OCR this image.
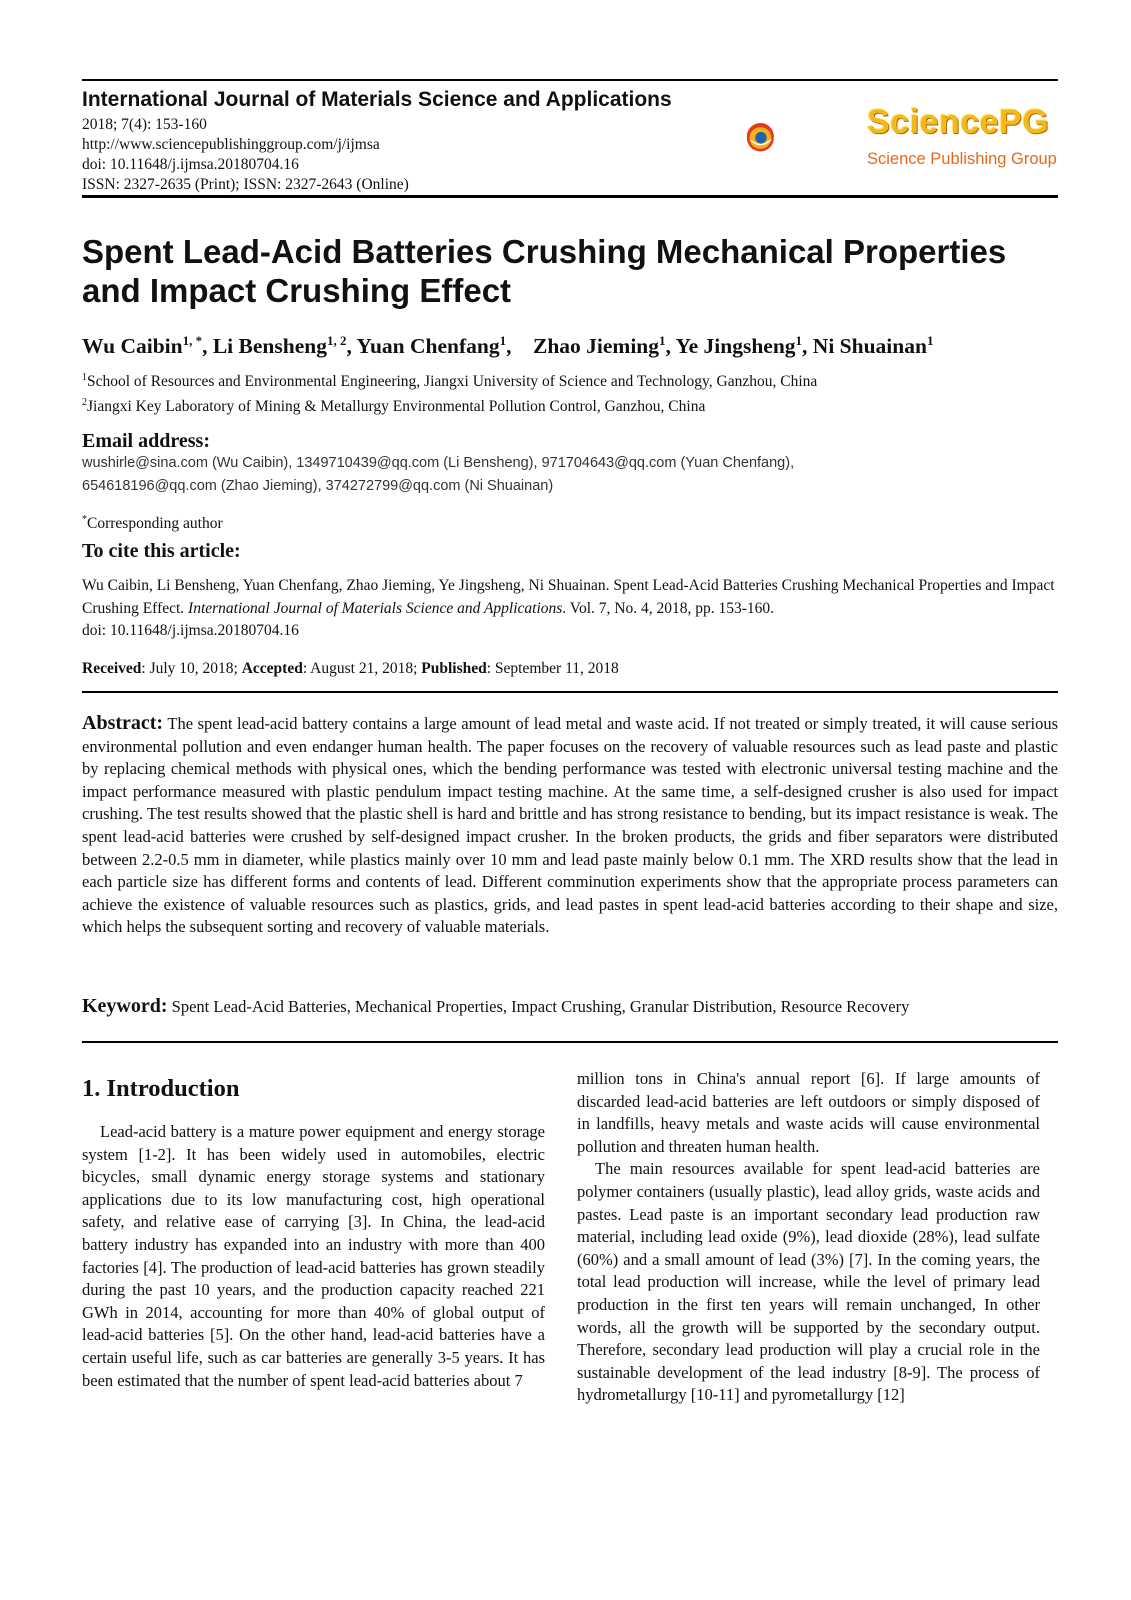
International Journal of Materials Science and Applications
2018; 7(4): 153-160
http://www.sciencepublishinggroup.com/j/ijmsa
doi: 10.11648/j.ijmsa.20180704.16
ISSN: 2327-2635 (Print); ISSN: 2327-2643 (Online)
SciencePG
Science Publishing Group
Spent Lead-Acid Batteries Crushing Mechanical Properties and Impact Crushing Effect
Wu Caibin$^{1, *}$, Li Bensheng$^{1, 2}$, Yuan Chenfang$^1$,    Zhao Jieming$^1$, Ye Jingsheng$^1$, Ni Shuainan$^1$
$^1$School of Resources and Environmental Engineering, Jiangxi University of Science and Technology, Ganzhou, China
$^2$Jiangxi Key Laboratory of Mining & Metallurgy Environmental Pollution Control, Ganzhou, China
Email address:
wushirle@sina.com (Wu Caibin), 1349710439@qq.com (Li Bensheng), 971704643@qq.com (Yuan Chenfang),
654618196@qq.com (Zhao Jieming), 374272799@qq.com (Ni Shuainan)
*Corresponding author
To cite this article:
Wu Caibin, Li Bensheng, Yuan Chenfang, Zhao Jieming, Ye Jingsheng, Ni Shuainan. Spent Lead-Acid Batteries Crushing Mechanical Properties and Impact Crushing Effect. International Journal of Materials Science and Applications. Vol. 7, No. 4, 2018, pp. 153-160.
doi: 10.11648/j.ijmsa.20180704.16
Received: July 10, 2018; Accepted: August 21, 2018; Published: September 11, 2018
Abstract: The spent lead-acid battery contains a large amount of lead metal and waste acid. If not treated or simply treated, it will cause serious environmental pollution and even endanger human health. The paper focuses on the recovery of valuable resources such as lead paste and plastic by replacing chemical methods with physical ones, which the bending performance was tested with electronic universal testing machine and the impact performance measured with plastic pendulum impact testing machine. At the same time, a self-designed crusher is also used for impact crushing. The test results showed that the plastic shell is hard and brittle and has strong resistance to bending, but its impact resistance is weak. The spent lead-acid batteries were crushed by self-designed impact crusher. In the broken products, the grids and fiber separators were distributed between 2.2-0.5 mm in diameter, while plastics mainly over 10 mm and lead paste mainly below 0.1 mm. The XRD results show that the lead in each particle size has different forms and contents of lead. Different comminution experiments show that the appropriate process parameters can achieve the existence of valuable resources such as plastics, grids, and lead pastes in spent lead-acid batteries according to their shape and size, which helps the subsequent sorting and recovery of valuable materials.
Keyword: Spent Lead-Acid Batteries, Mechanical Properties, Impact Crushing, Granular Distribution, Resource Recovery
1. Introduction

Lead-acid battery is a mature power equipment and energy storage system [1-2]. It has been widely used in automobiles, electric bicycles, small dynamic energy storage systems and stationary applications due to its low manufacturing cost, high operational safety, and relative ease of carrying [3]. In China, the lead-acid battery industry has expanded into an industry with more than 400 factories [4]. The production of lead-acid batteries has grown steadily during the past 10 years, and the production capacity reached 221 GWh in 2014, accounting for more than 40% of global output of lead-acid batteries [5]. On the other hand, lead-acid batteries have a certain useful life, such as car batteries are generally 3-5 years. It has been estimated that the number of spent lead-acid batteries about 7

million tons in China's annual report [6]. If large amounts of discarded lead-acid batteries are left outdoors or simply disposed of in landfills, heavy metals and waste acids will cause environmental pollution and threaten human health.

The main resources available for spent lead-acid batteries are polymer containers (usually plastic), lead alloy grids, waste acids and pastes. Lead paste is an important secondary lead production raw material, including lead oxide (9%), lead dioxide (28%), lead sulfate (60%) and a small amount of lead (3%) [7]. In the coming years, the total lead production will increase, while the level of primary lead production in the first ten years will remain unchanged, In other words, all the growth will be supported by the secondary output. Therefore, secondary lead production will play a crucial role in the sustainable development of the lead industry [8-9]. The process of hydrometallurgy [10-11] and pyrometallurgy [12]
